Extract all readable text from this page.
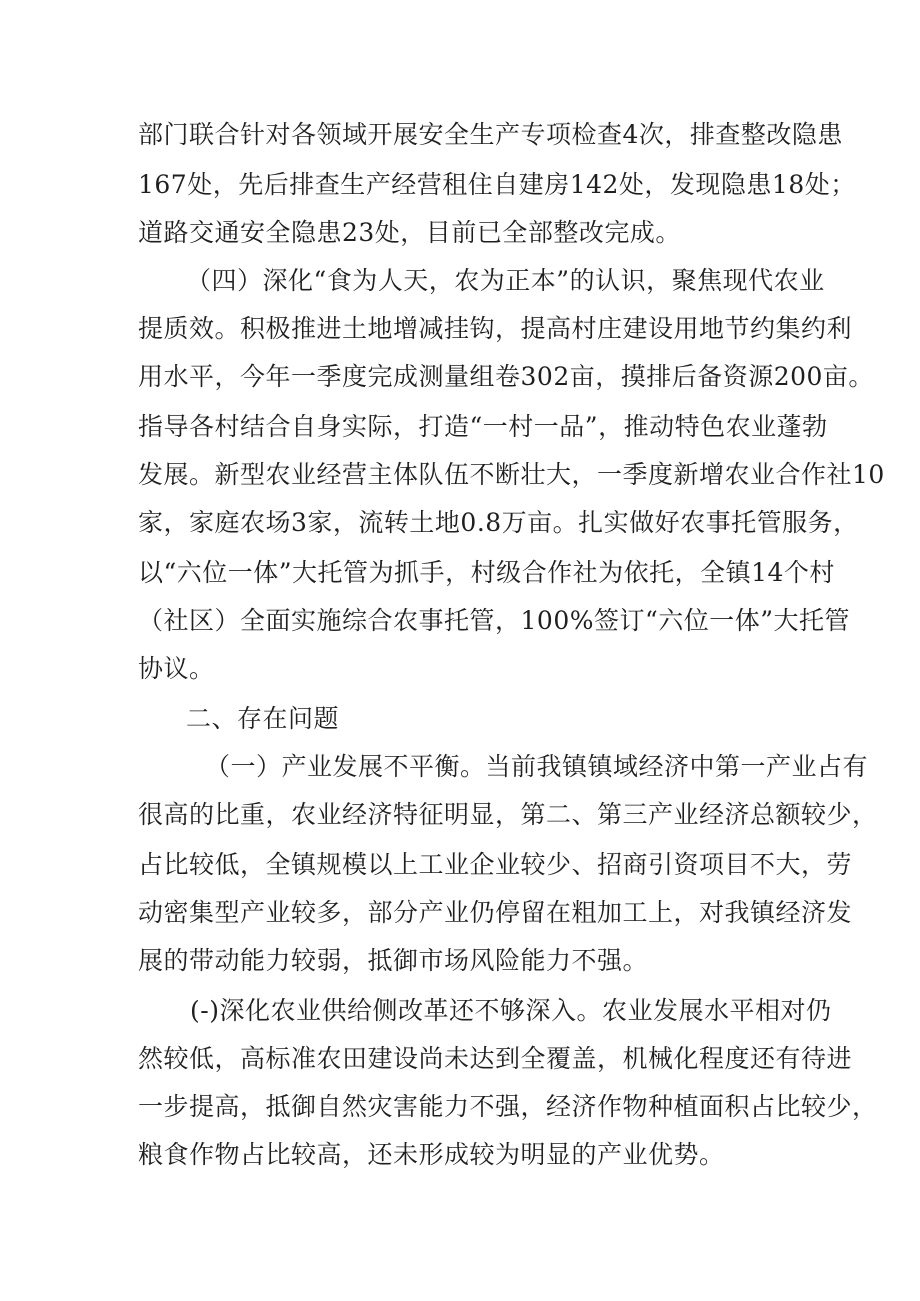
部门联合针对各领域开展安全生产专项检查4次，排查整改隐患
167处，先后排查生产经营租住自建房142处，发现隐患18处；
道路交通安全隐患23处，目前已全部整改完成。
（四）深化“食为人天，农为正本”的认识，聚焦现代农业
提质效。积极推进土地增减挂钩，提高村庄建设用地节约集约利
用水平，今年一季度完成测量组卷302亩，摸排后备资源200亩。
指导各村结合自身实际，打造“一村一品”，推动特色农业蓬勃
发展。新型农业经营主体队伍不断壮大，一季度新增农业合作社10
家，家庭农场3家，流转土地0.8万亩。扎实做好农事托管服务，
以“六位一体”大托管为抓手，村级合作社为依托，全镇14个村
（社区）全面实施综合农事托管，100%签订“六位一体”大托管
协议。
二、存在问题
（一）产业发展不平衡。当前我镇镇域经济中第一产业占有
很高的比重，农业经济特征明显，第二、第三产业经济总额较少，
占比较低，全镇规模以上工业企业较少、招商引资项目不大，劳
动密集型产业较多，部分产业仍停留在粗加工上，对我镇经济发
展的带动能力较弱，抵御市场风险能力不强。
(-)深化农业供给侧改革还不够深入。农业发展水平相对仍
然较低，高标准农田建设尚未达到全覆盖，机械化程度还有待进
一步提高，抵御自然灾害能力不强，经济作物种植面积占比较少，
粮食作物占比较高，还未形成较为明显的产业优势。
